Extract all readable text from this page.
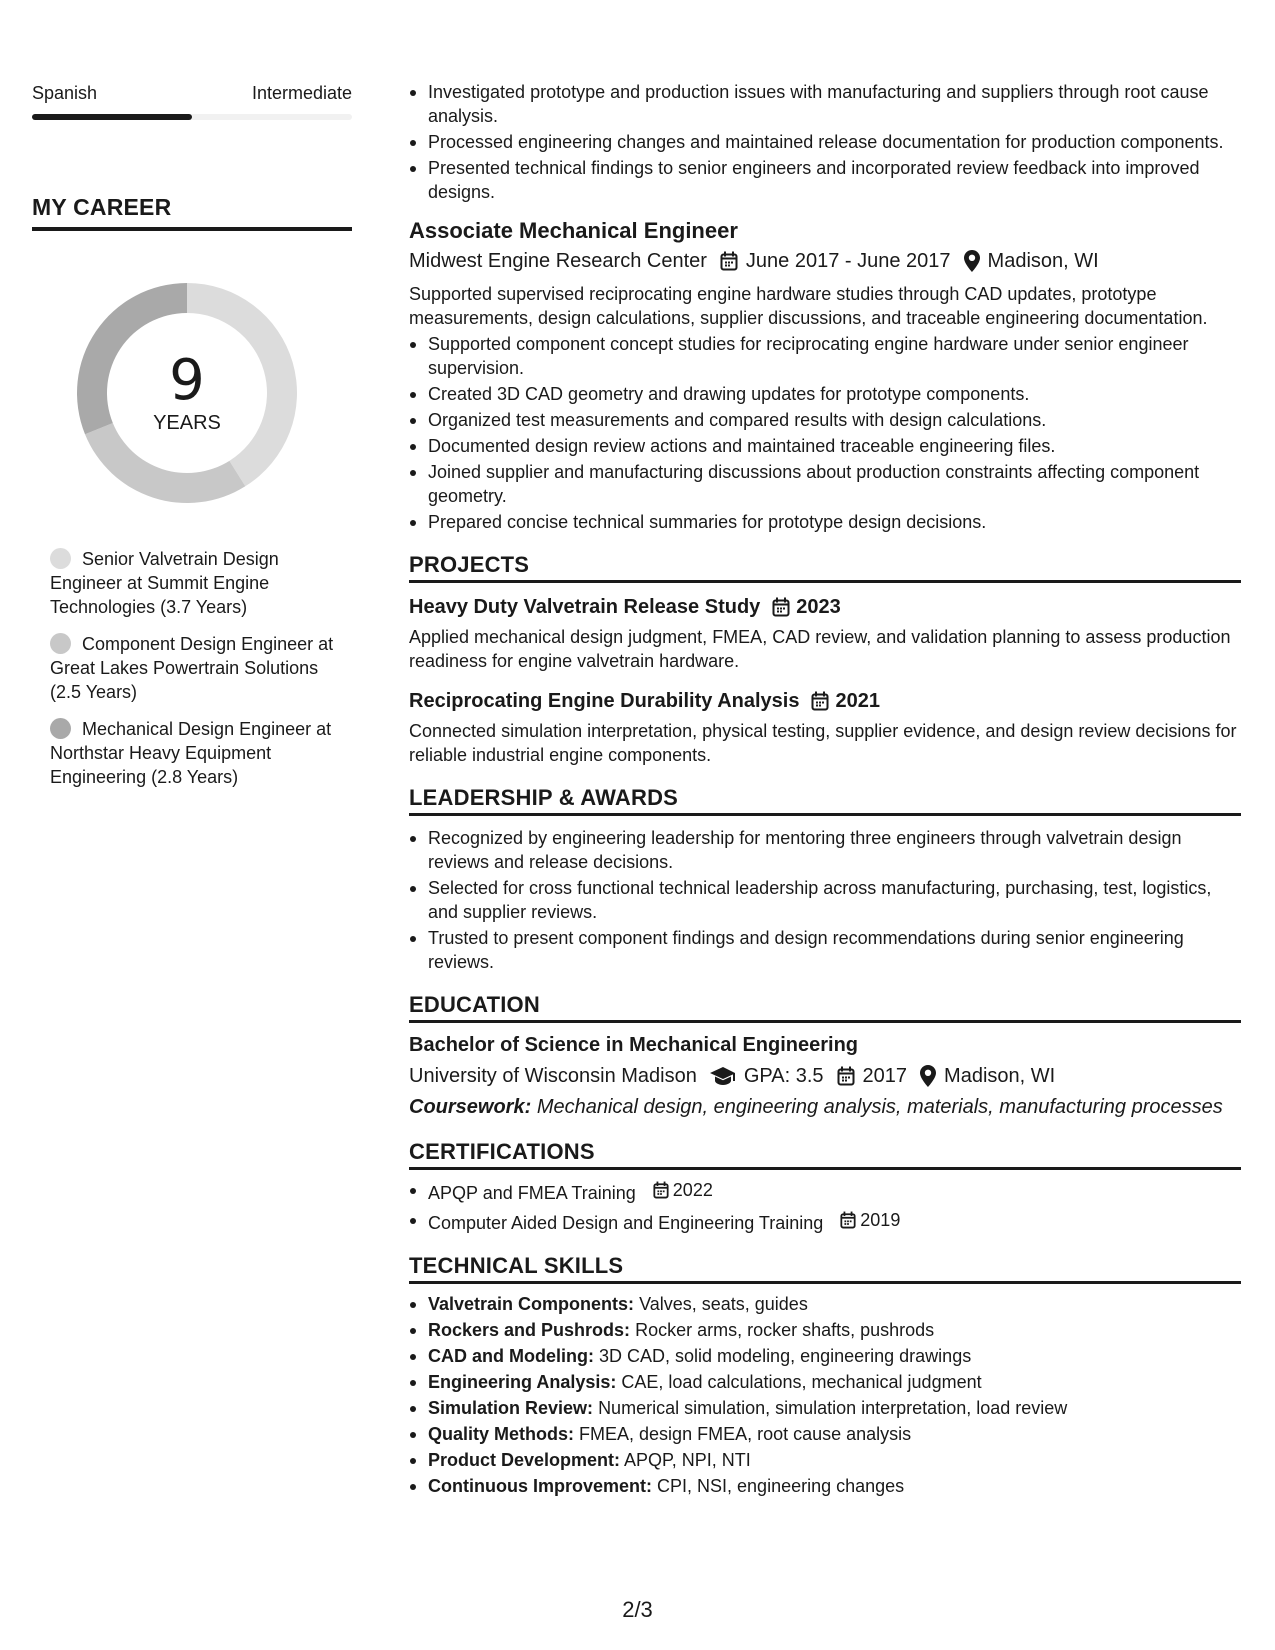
Spanish	Intermediate
MY CAREER
9
YEARS
Senior Valvetrain Design Engineer at Summit Engine Technologies (3.7 Years)
Component Design Engineer at Great Lakes Powertrain Solutions (2.5 Years)
Mechanical Design Engineer at Northstar Heavy Equipment Engineering (2.8 Years)
Investigated prototype and production issues with manufacturing and suppliers through root cause analysis.
Processed engineering changes and maintained release documentation for production components.
Presented technical findings to senior engineers and incorporated review feedback into improved designs.
Associate Mechanical Engineer
Midwest Engine Research Center June 2017 - June 2017 Madison, WI
Supported supervised reciprocating engine hardware studies through CAD updates, prototype measurements, design calculations, supplier discussions, and traceable engineering documentation.
Supported component concept studies for reciprocating engine hardware under senior engineer supervision.
Created 3D CAD geometry and drawing updates for prototype components.
Organized test measurements and compared results with design calculations.
Documented design review actions and maintained traceable engineering files.
Joined supplier and manufacturing discussions about production constraints affecting component geometry.
Prepared concise technical summaries for prototype design decisions.
PROJECTS
Heavy Duty Valvetrain Release Study 2023
Applied mechanical design judgment, FMEA, CAD review, and validation planning to assess production readiness for engine valvetrain hardware.
Reciprocating Engine Durability Analysis 2021
Connected simulation interpretation, physical testing, supplier evidence, and design review decisions for reliable industrial engine components.
LEADERSHIP & AWARDS
Recognized by engineering leadership for mentoring three engineers through valvetrain design reviews and release decisions.
Selected for cross functional technical leadership across manufacturing, purchasing, test, logistics, and supplier reviews.
Trusted to present component findings and design recommendations during senior engineering reviews.
EDUCATION
Bachelor of Science in Mechanical Engineering
University of Wisconsin Madison GPA: 3.5 2017 Madison, WI
Coursework: Mechanical design, engineering analysis, materials, manufacturing processes
CERTIFICATIONS
APQP and FMEA Training 2022
Computer Aided Design and Engineering Training 2019
TECHNICAL SKILLS
Valvetrain Components: Valves, seats, guides
Rockers and Pushrods: Rocker arms, rocker shafts, pushrods
CAD and Modeling: 3D CAD, solid modeling, engineering drawings
Engineering Analysis: CAE, load calculations, mechanical judgment
Simulation Review: Numerical simulation, simulation interpretation, load review
Quality Methods: FMEA, design FMEA, root cause analysis
Product Development: APQP, NPI, NTI
Continuous Improvement: CPI, NSI, engineering changes
2/3
